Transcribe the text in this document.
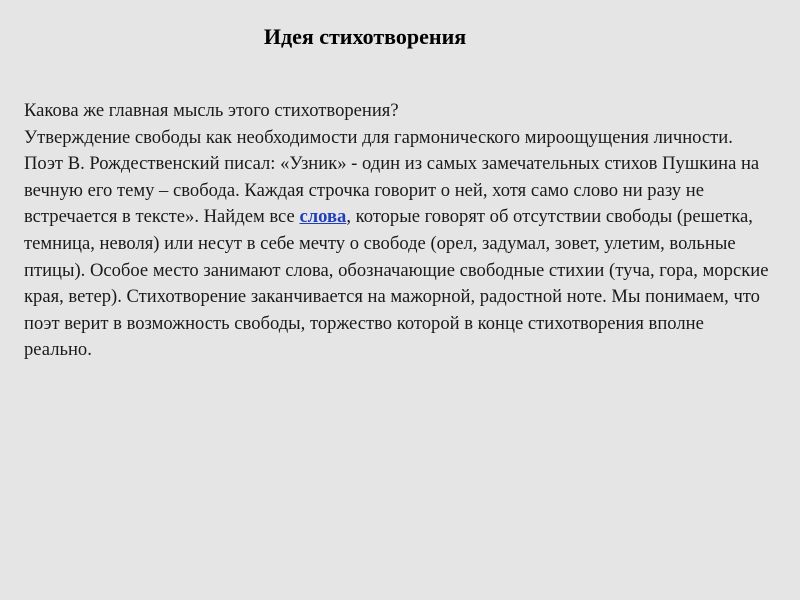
Идея стихотворения

Какова же главная мысль этого стихотворения?

Утверждение свободы как необходимости для гармонического мироощущения личности.

Поэт В. Рождественский писал: «Узник» - один из самых замечательных стихов Пушкина на вечную его тему – свобода. Каждая строчка говорит о ней, хотя само слово ни разу не встречается в тексте». Найдем все слова, которые говорят об отсутствии свободы (решетка, темница, неволя) или несут в себе мечту о свободе (орел, задумал, зовет, улетим, вольные птицы). Особое место занимают слова, обозначающие свободные стихии (туча, гора, морские края, ветер). Стихотворение заканчивается на мажорной, радостной ноте. Мы понимаем, что поэт верит в возможность свободы, торжество которой в конце стихотворения вполне реально.
